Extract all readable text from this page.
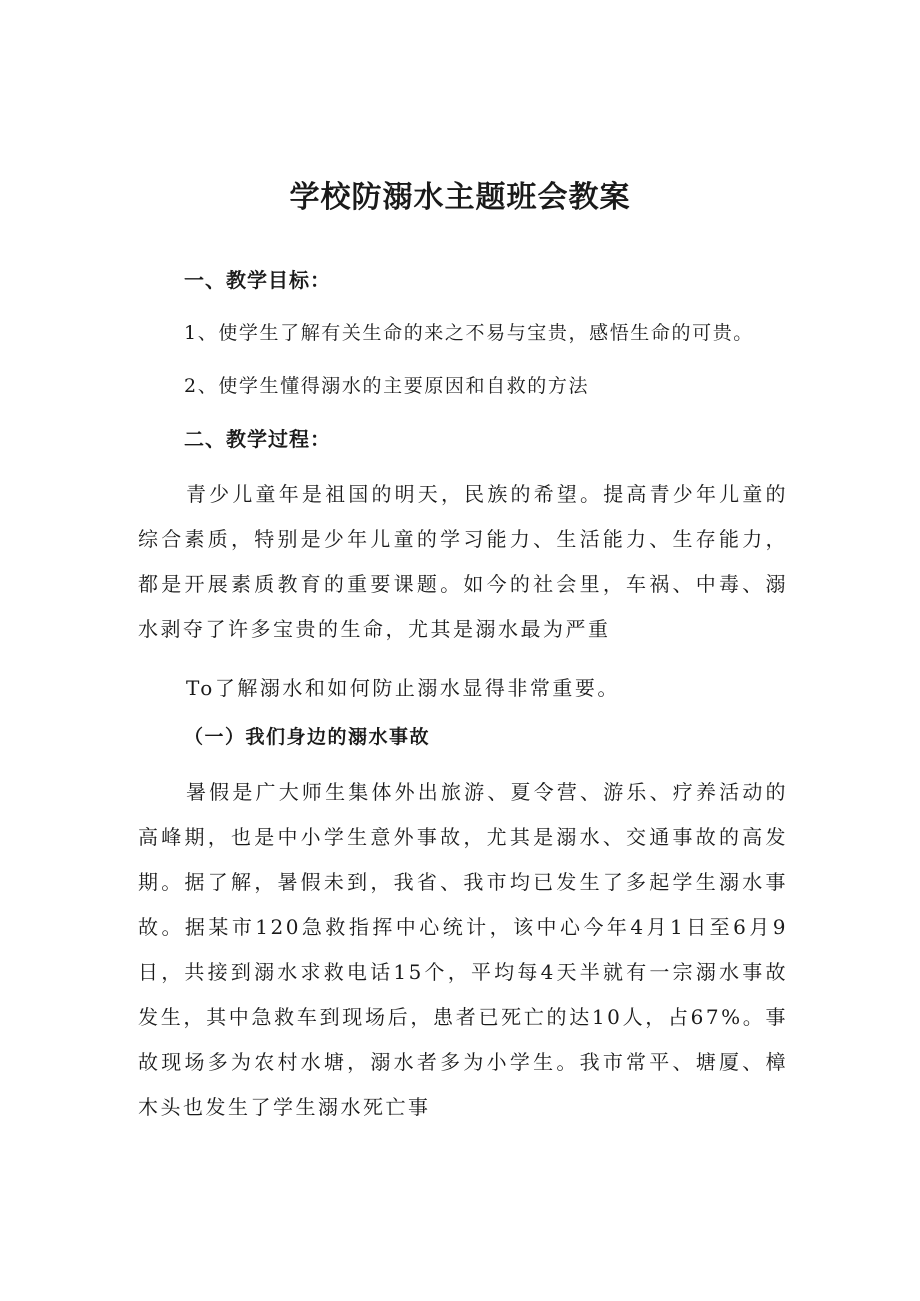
学校防溺水主题班会教案
一、教学目标：

1、使学生了解有关生命的来之不易与宝贵，感悟生命的可贵。

2、使学生懂得溺水的主要原因和自救的方法

二、教学过程：

青少儿童年是祖国的明天，民族的希望。提高青少年儿童的综合素质，特别是少年儿童的学习能力、生活能力、生存能力，都是开展素质教育的重要课题。如今的社会里，车祸、中毒、溺水剥夺了许多宝贵的生命，尤其是溺水最为严重

To了解溺水和如何防止溺水显得非常重要。

（一）我们身边的溺水事故

暑假是广大师生集体外出旅游、夏令营、游乐、疗养活动的高峰期，也是中小学生意外事故，尤其是溺水、交通事故的高发期。据了解，暑假未到，我省、我市均已发生了多起学生溺水事故。据某市120急救指挥中心统计，该中心今年4月1日至6月9日，共接到溺水求救电话15个，平均每4天半就有一宗溺水事故发生，其中急救车到现场后，患者已死亡的达10人，占67%。事故现场多为农村水塘，溺水者多为小学生。我市常平、塘厦、樟木头也发生了学生溺水死亡事
